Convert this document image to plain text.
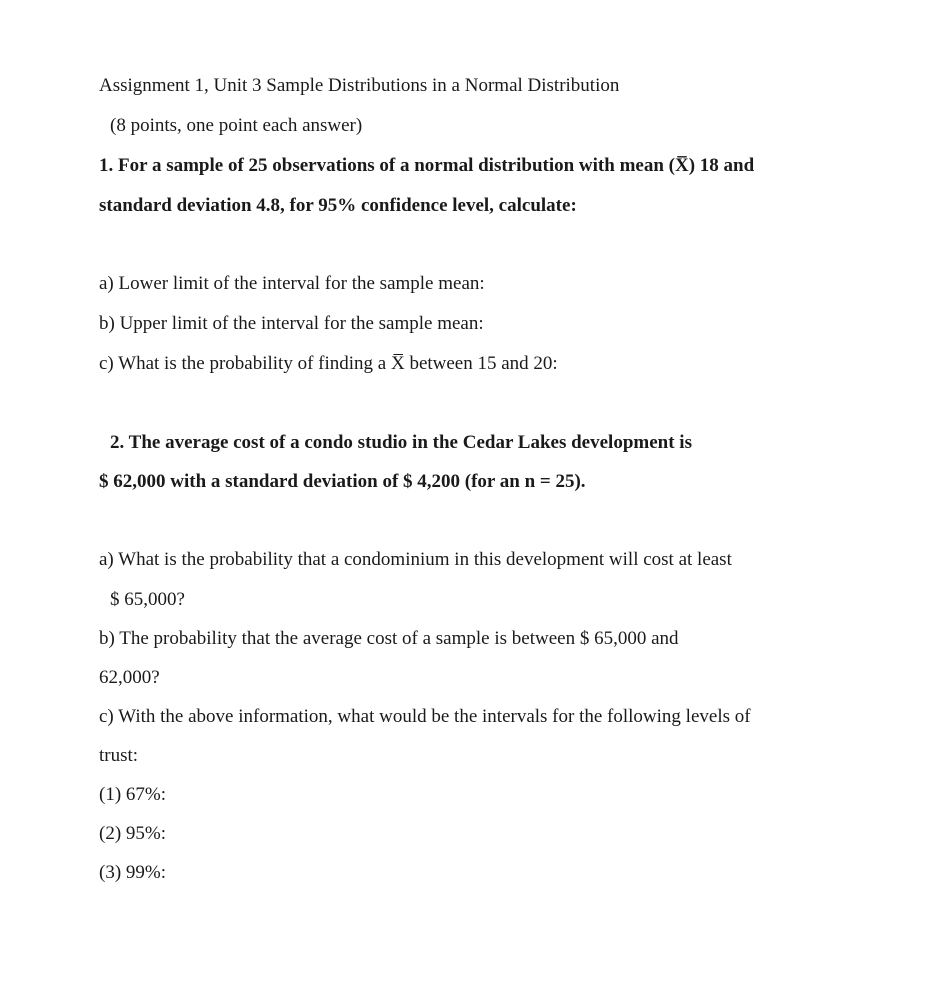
Assignment 1, Unit 3 Sample Distributions in a Normal Distribution
(8 points, one point each answer)
1. For a sample of 25 observations of a normal distribution with mean (X̅) 18 and
standard deviation 4.8, for 95% confidence level, calculate:
a) Lower limit of the interval for the sample mean:
b) Upper limit of the interval for the sample mean:
c) What is the probability of finding a X̅ between 15 and 20:
2. The average cost of a condo studio in the Cedar Lakes development is
$ 62,000 with a standard deviation of $ 4,200 (for an n = 25).
a) What is the probability that a condominium in this development will cost at least
$ 65,000?
b) The probability that the average cost of a sample is between $ 65,000 and
62,000?
c) With the above information, what would be the intervals for the following levels of
trust:
(1) 67%:
(2) 95%:
(3) 99%:
